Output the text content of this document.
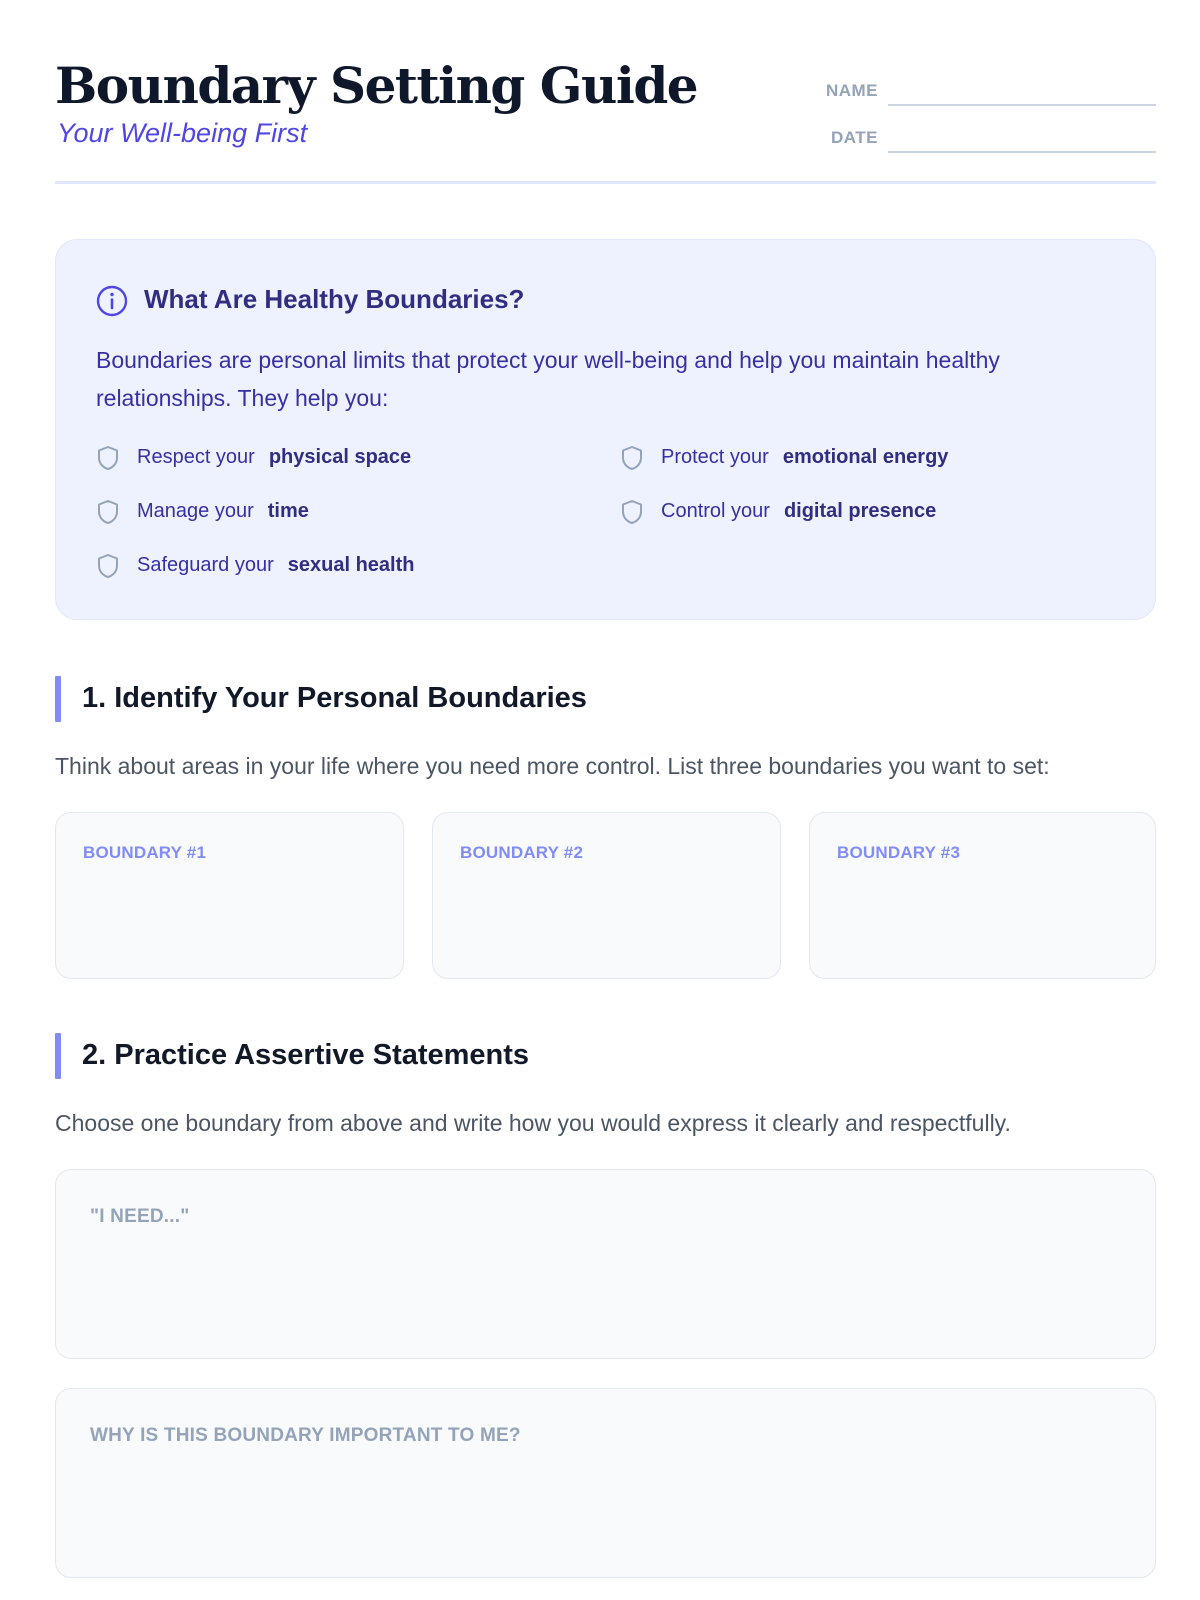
Boundary Setting Guide
Your Well-being First
NAME
DATE
What Are Healthy Boundaries?
Boundaries are personal limits that protect your well-being and help you maintain healthy relationships. They help you:
Respect your physical space	Protect your emotional energy
Manage your time	Control your digital presence
Safeguard your sexual health
1. Identify Your Personal Boundaries
Think about areas in your life where you need more control. List three boundaries you want to set:
BOUNDARY #1	BOUNDARY #2	BOUNDARY #3
2. Practice Assertive Statements
Choose one boundary from above and write how you would express it clearly and respectfully.
"I NEED..."
WHY IS THIS BOUNDARY IMPORTANT TO ME?
